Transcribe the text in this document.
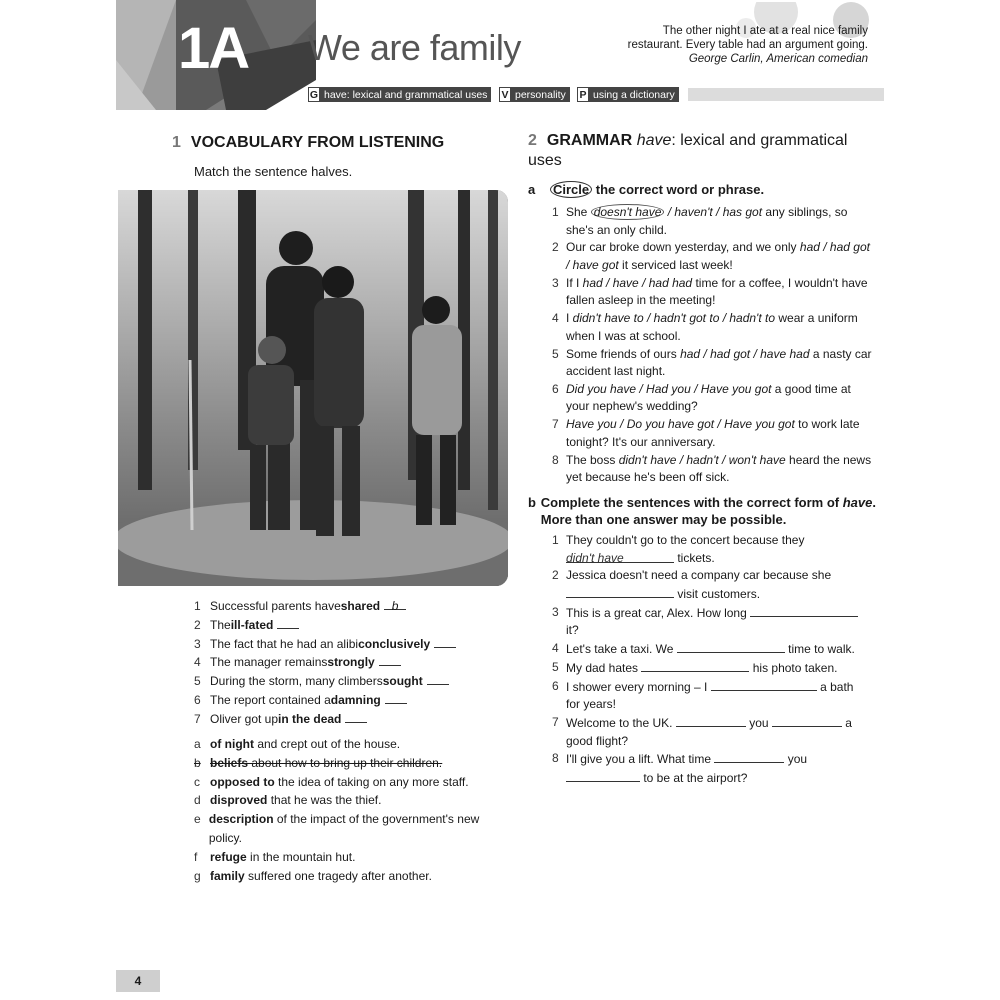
1A We are family	The other night I ate at a real nice family
restaurant. Every table had an argument going.
George Carlin, American comedian
G have: lexical and grammatical uses	V personality	P using a dictionary
1 VOCABULARY FROM LISTENING
Match the sentence halves.
1 Successful parents have shared b
2 The ill-fated
3 The fact that he had an alibi conclusively
4 The manager remains strongly
5 During the storm, many climbers sought
6 The report contained a damning
7 Oliver got up in the dead
a of night and crept out of the house.
b beliefs about how to bring up their children.
c opposed to the idea of taking on any more staff.
d disproved that he was the thief.
e description of the impact of the government's new policy.
f	refuge in the mountain hut.
g family suffered one tragedy after another.
2 GRAMMAR have: lexical and grammatical uses
a Circle the correct word or phrase.
1 She doesn't have / haven't / has got any siblings, so she's an only child.
2 Our car broke down yesterday, and we only had / had got / have got it serviced last week!
3 If I had / have / had had time for a coffee, I wouldn't have fallen asleep in the meeting!
4 I didn't have to / hadn't got to / hadn't to wear a uniform when I was at school.
5 Some friends of ours had / had got / have had a nasty car accident last night.
6 Did you have / Had you / Have you got a good time at your nephew's wedding?
7 Have you / Do you have got / Have you got to work late tonight? It's our anniversary.
8 The boss didn't have / hadn't / won't have heard the news yet because he's been off sick.
b Complete the sentences with the correct form of have. More than one answer may be possible.
1 They couldn't go to the concert because they
didn't have	tickets.
2 Jessica doesn't need a company car because she
visit customers.
3 This is a great car, Alex. How long
it?
4 Let's take a taxi. We	time to walk.
5 My dad hates	his photo taken.
6 I shower every morning – I	a bath
for years!
7 Welcome to the UK.	you	a
good flight?
8 I'll give you a lift. What time	you
to be at the airport?
4
